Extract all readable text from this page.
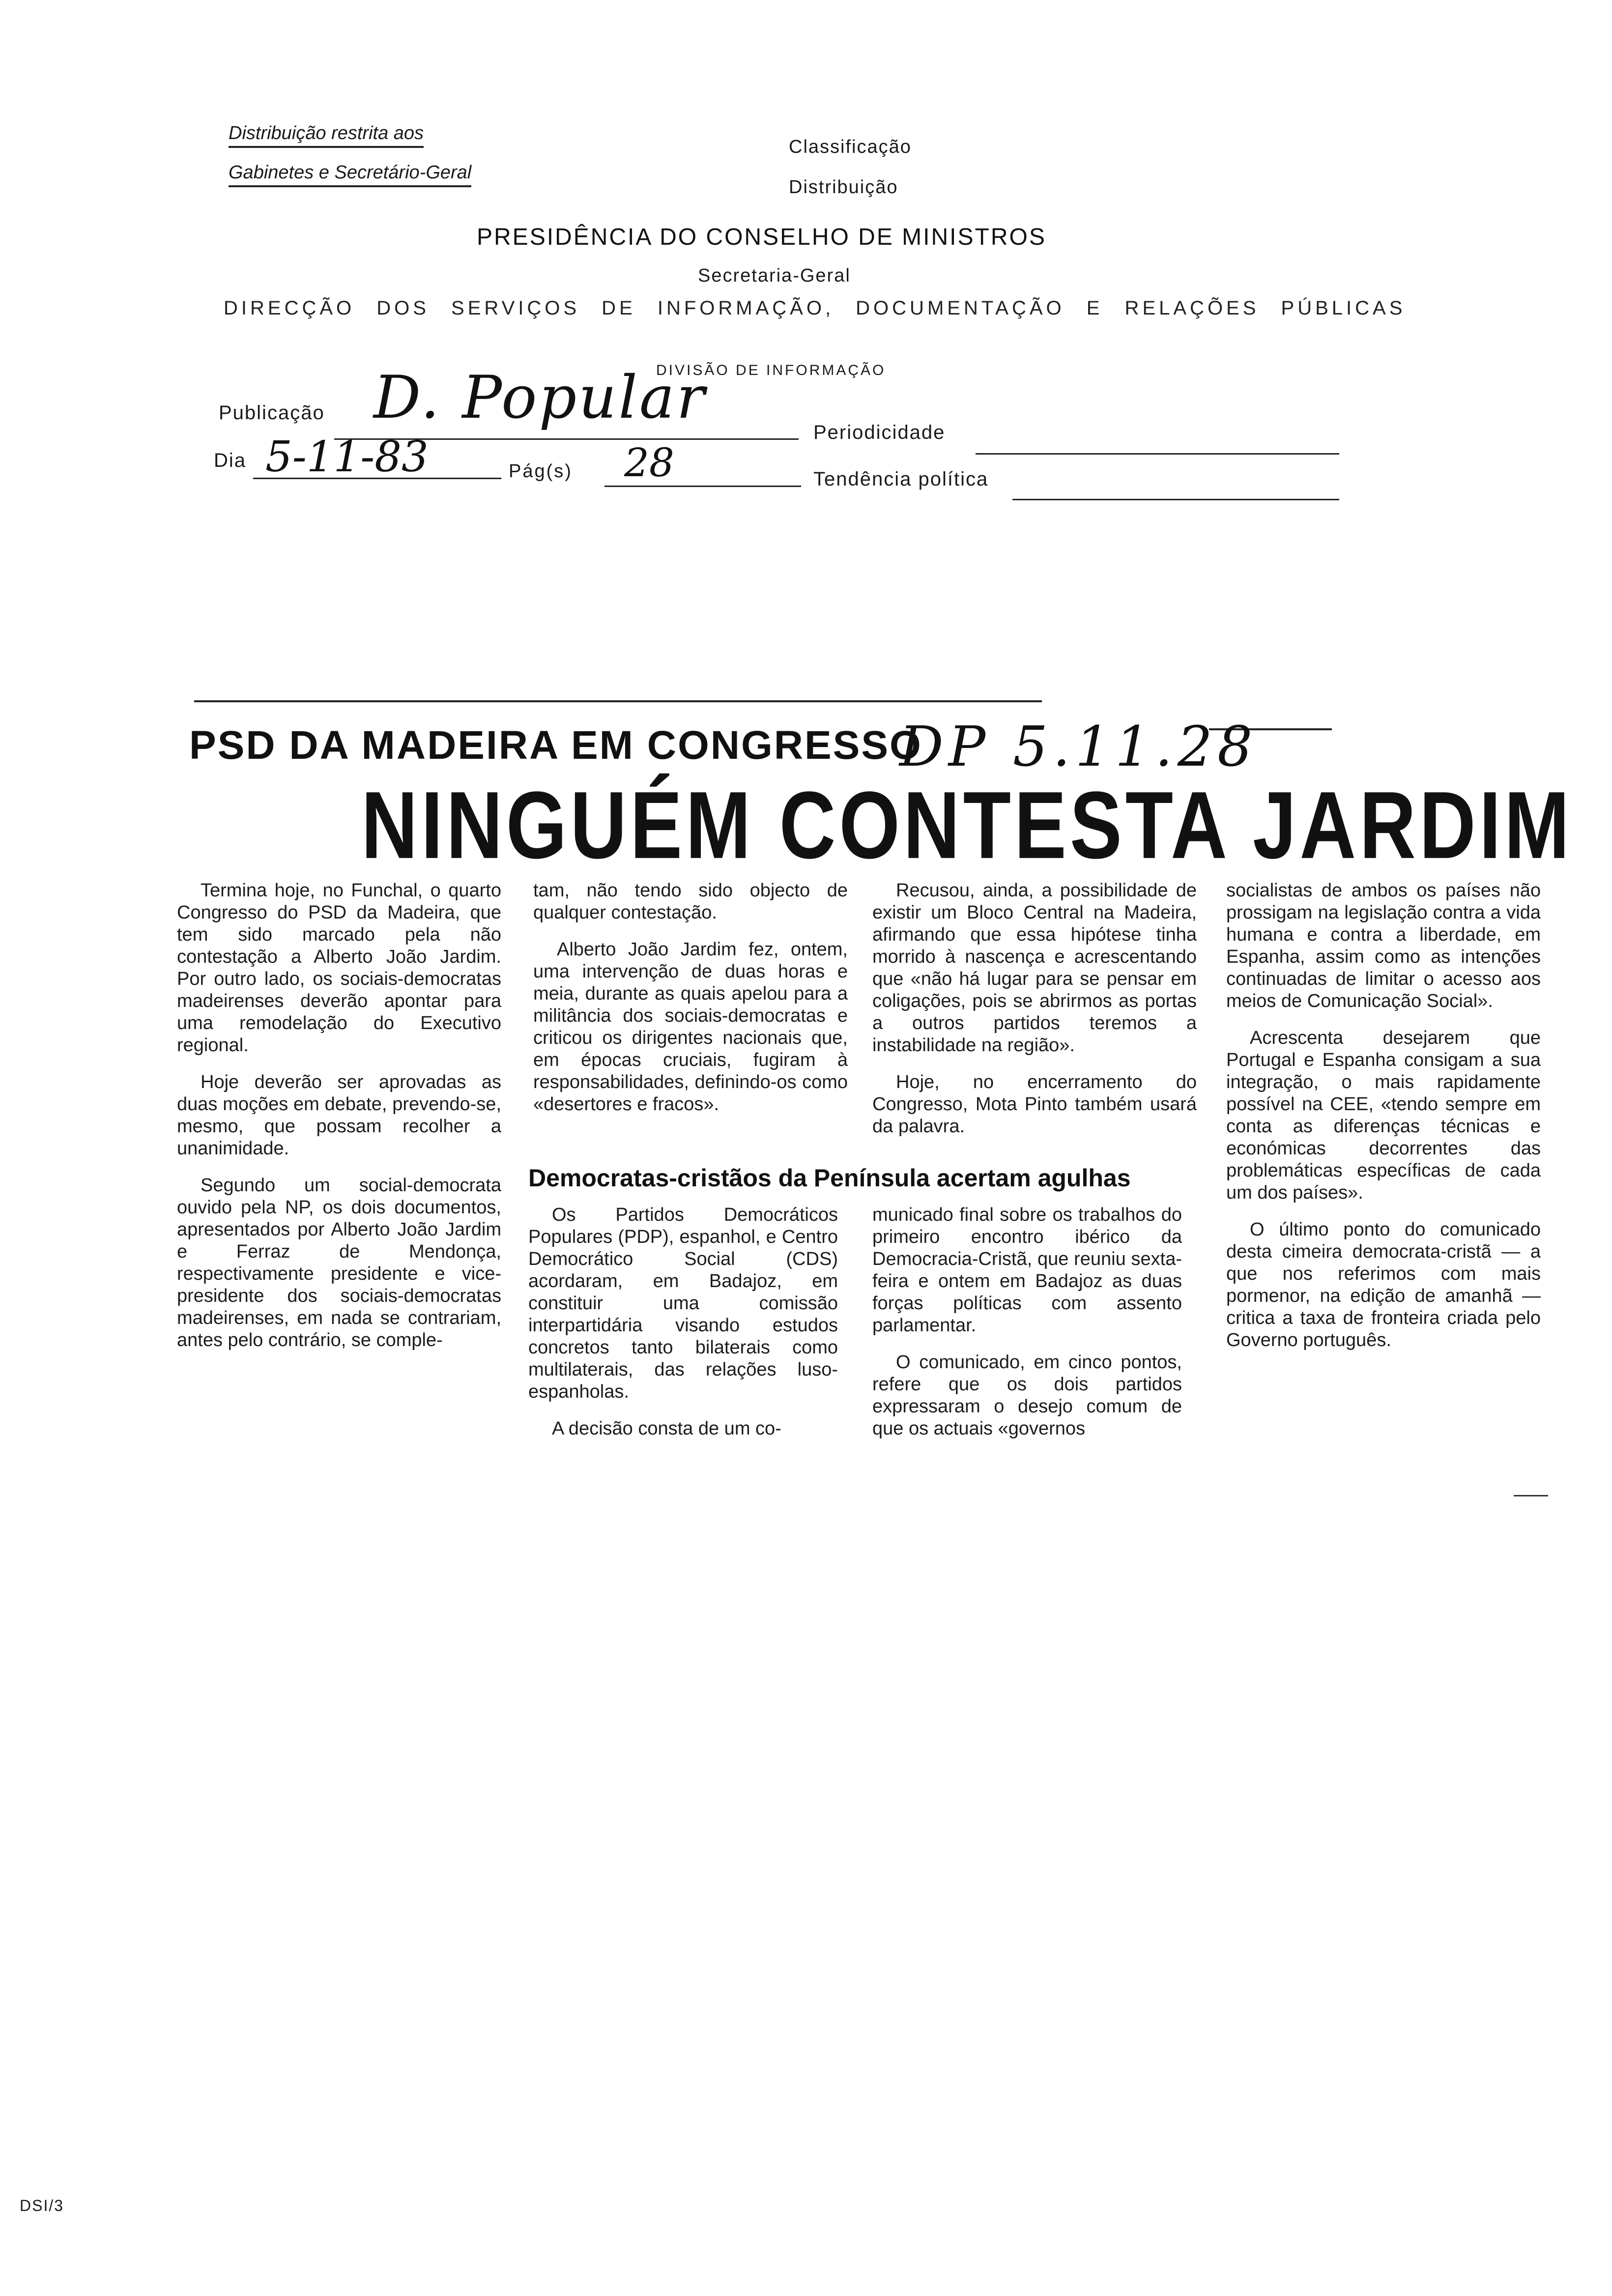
Distribuição restrita aos
Gabinetes e Secretário-Geral
Classificação
Distribuição
PRESIDÊNCIA DO CONSELHO DE MINISTROS
Secretaria-Geral
DIRECÇÃO DOS SERVIÇOS DE INFORMAÇÃO, DOCUMENTAÇÃO E RELAÇÕES PÚBLICAS
DIVISÃO DE INFORMAÇÃO
Publicação D. Popular
Periodicidade
Dia 5-11-83	Pág(s) 28	Tendência política
PSD DA MADEIRA EM CONGRESSO
DP 5.11.28
NINGUÉM CONTESTA JARDIM

Termina hoje, no Funchal, o quarto Congresso do PSD da Madeira, que tem sido marcado pela não contestação a Alberto João Jardim. Por outro lado, os sociais-democratas madeirenses deverão apontar para uma remodelação do Executivo regional.

Hoje deverão ser aprovadas as duas moções em debate, prevendo-se, mesmo, que possam recolher a unanimidade.

Segundo um social-democrata ouvido pela NP, os dois documentos, apresentados por Alberto João Jardim e Ferraz de Mendonça, respectivamente presidente e vice-presidente dos sociais-democratas madeirenses, em nada se contrariam, antes pelo contrário, se comple-

tam, não tendo sido objecto de qualquer contestação.

Alberto João Jardim fez, ontem, uma intervenção de duas horas e meia, durante as quais apelou para a militância dos sociais-democratas e criticou os dirigentes nacionais que, em épocas cruciais, fugiram à responsabilidades, definindo-os como «desertores e fracos».

Recusou, ainda, a possibilidade de existir um Bloco Central na Madeira, afirmando que essa hipótese tinha morrido à nascença e acrescentando que «não há lugar para se pensar em coligações, pois se abrirmos as portas a outros partidos teremos a instabilidade na região».

Hoje, no encerramento do Congresso, Mota Pinto também usará da palavra.

Democratas-cristãos da Península acertam agulhas

Os Partidos Democráticos Populares (PDP), espanhol, e Centro Democrático Social (CDS) acordaram, em Badajoz, em constituir uma comissão interpartidária visando estudos concretos tanto bilaterais como multilaterais, das relações luso-espanholas.

A decisão consta de um co-

municado final sobre os trabalhos do primeiro encontro ibérico da Democracia-Cristã, que reuniu sexta-feira e ontem em Badajoz as duas forças políticas com assento parlamentar.

O comunicado, em cinco pontos, refere que os dois partidos expressaram o desejo comum de que os actuais «governos

socialistas de ambos os países não prossigam na legislação contra a vida humana e contra a liberdade, em Espanha, assim como as intenções continuadas de limitar o acesso aos meios de Comunicação Social».

Acrescenta desejarem que Portugal e Espanha consigam a sua integração, o mais rapidamente possível na CEE, «tendo sempre em conta as diferenças técnicas e económicas decorrentes das problemáticas específicas de cada um dos países».

O último ponto do comunicado desta cimeira democrata-cristã — a que nos referimos com mais pormenor, na edição de amanhã — critica a taxa de fronteira criada pelo Governo português.

DSI/3
